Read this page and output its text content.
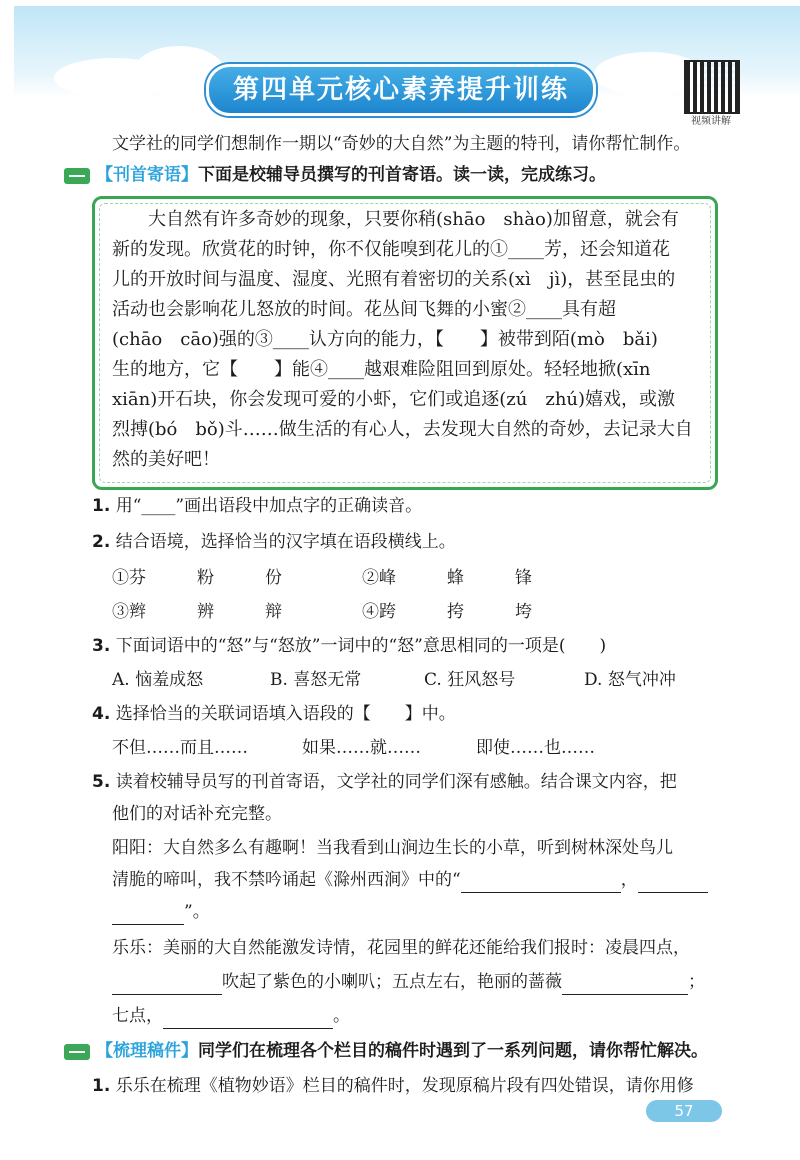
第四单元核心素养提升训练
视频讲解
文学社的同学们想制作一期以“奇妙的大自然”为主题的特刊，请你帮忙制作。
【刊首寄语】下面是校辅导员撰写的刊首寄语。读一读，完成练习。
大自然有许多奇妙的现象，只要你稍(shāo　shào)加留意，就会有
新的发现。欣赏花的时钟，你不仅能嗅到花儿的①____芳，还会知道花
儿的开放时间与温度、湿度、光照有着密切的关系(xì　jì)，甚至昆虫的
活动也会影响花儿怒放的时间。花丛间飞舞的小蜜②____具有超
(chāo　cāo)强的③____认方向的能力，【　　】被带到陌(mò　bǎi)
生的地方，它【　　】能④____越艰难险阻回到原处。轻轻地掀(xīn
xiān)开石块，你会发现可爱的小虾，它们或追逐(zú　zhú)嬉戏，或激
烈搏(bó　bǒ)斗……做生活的有心人，去发现大自然的奇妙，去记录大自
然的美好吧！
1. 用“____”画出语段中加点字的正确读音。
2. 结合语境，选择恰当的汉字填在语段横线上。
①芬　　　粉　　　份	②峰　　　蜂　　　锋
③辫　　　辨　　　辩	④跨　　　挎　　　垮
3. 下面词语中的“怒”与“怒放”一词中的“怒”意思相同的一项是(　　)
A. 恼羞成怒	B. 喜怒无常	C. 狂风怒号	D. 怒气冲冲
4. 选择恰当的关联词语填入语段的【　　】中。
不但……而且……	如果……就……	即使……也……
5. 读着校辅导员写的刊首寄语，文学社的同学们深有感触。结合课文内容，把
他们的对话补充完整。
阳阳：大自然多么有趣啊！当我看到山涧边生长的小草，听到树林深处鸟儿
清脆的啼叫，我不禁吟诵起《滁州西涧》中的“	，
”。
乐乐：美丽的大自然能激发诗情，花园里的鲜花还能给我们报时：凌晨四点，
吹起了紫色的小喇叭；五点左右，艳丽的蔷薇	；
七点，	。
【梳理稿件】同学们在梳理各个栏目的稿件时遇到了一系列问题，请你帮忙解决。
1. 乐乐在梳理《植物妙语》栏目的稿件时，发现原稿片段有四处错误，请你用修
57
